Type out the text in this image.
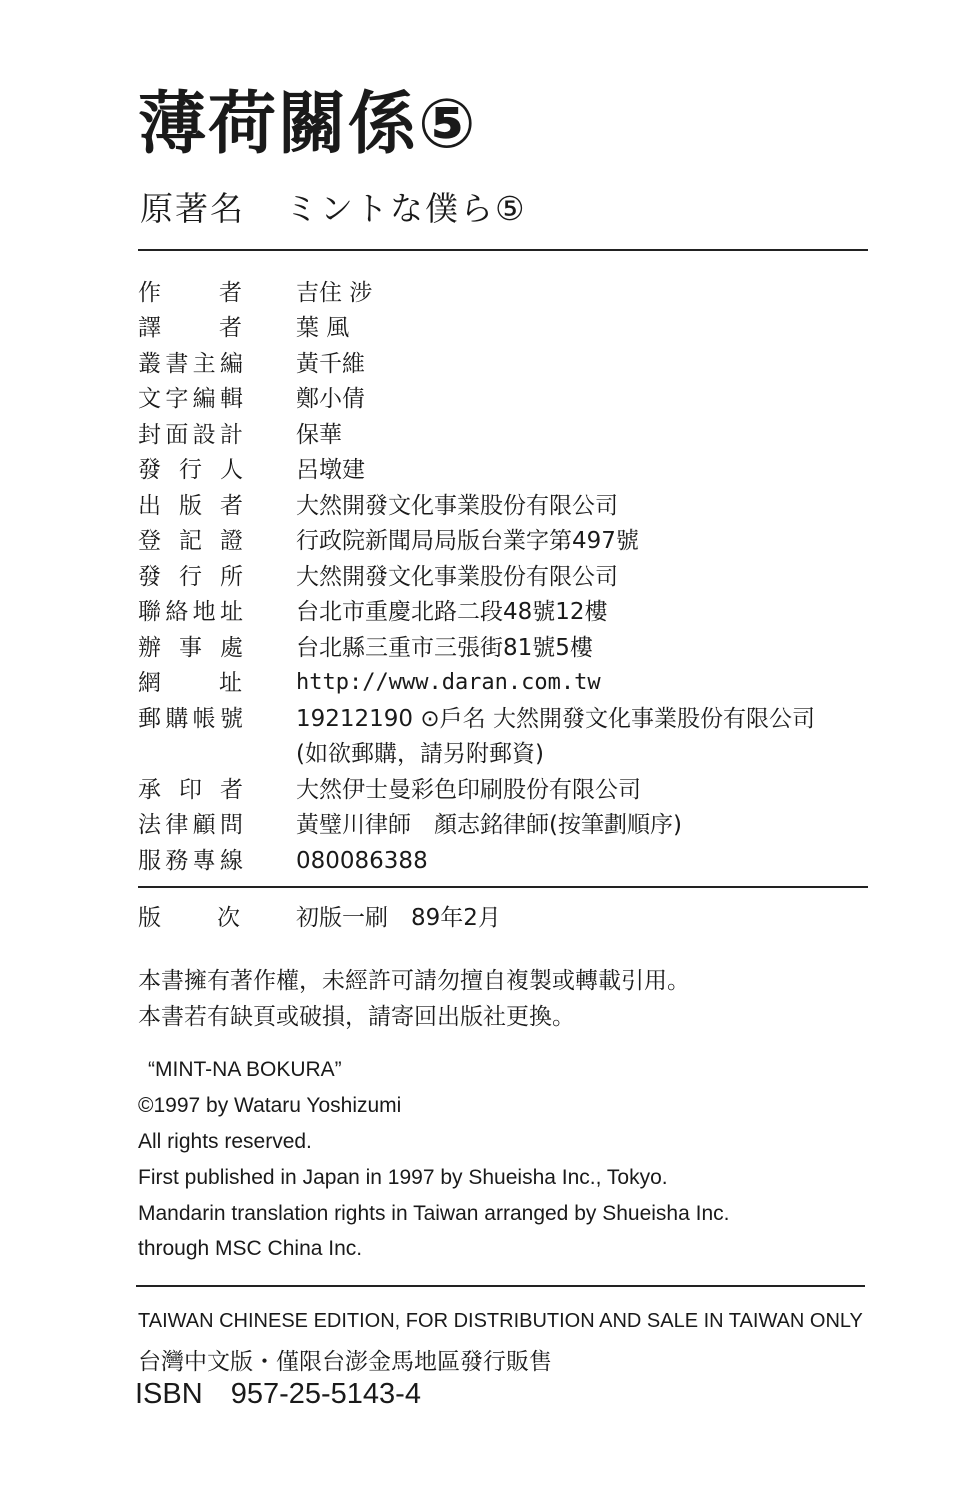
薄荷關係⑤
原著名 ミントな僕ら⑤
作者 吉住 涉
譯者 葉 風
叢書主編 黃千維
文字編輯 鄭小倩
封面設計 保華
發行人 呂墩建
出版者 大然開發文化事業股份有限公司
登記證 行政院新聞局局版台業字第497號
發行所 大然開發文化事業股份有限公司
聯絡地址 台北市重慶北路二段48號12樓
辦事處 台北縣三重市三張街81號5樓
網址 http://www.daran.com.tw
郵購帳號 19212190 ⊙戶名 大然開發文化事業股份有限公司
(如欲郵購，請另附郵資)
承印者 大然伊士曼彩色印刷股份有限公司
法律顧問 黃璧川律師　顏志銘律師(按筆劃順序)
服務專線 080086388
版次 初版一刷　89年2月
本書擁有著作權，未經許可請勿擅自複製或轉載引用。
本書若有缺頁或破損，請寄回出版社更換。
“MINT-NA BOKURA”
©1997 by Wataru Yoshizumi
All rights reserved.
First published in Japan in 1997 by Shueisha Inc., Tokyo.
Mandarin translation rights in Taiwan arranged by Shueisha Inc.
through MSC China Inc.
TAIWAN CHINESE EDITION, FOR DISTRIBUTION AND SALE IN TAIWAN ONLY
台灣中文版・僅限台澎金馬地區發行販售
ISBN 957-25-5143-4
